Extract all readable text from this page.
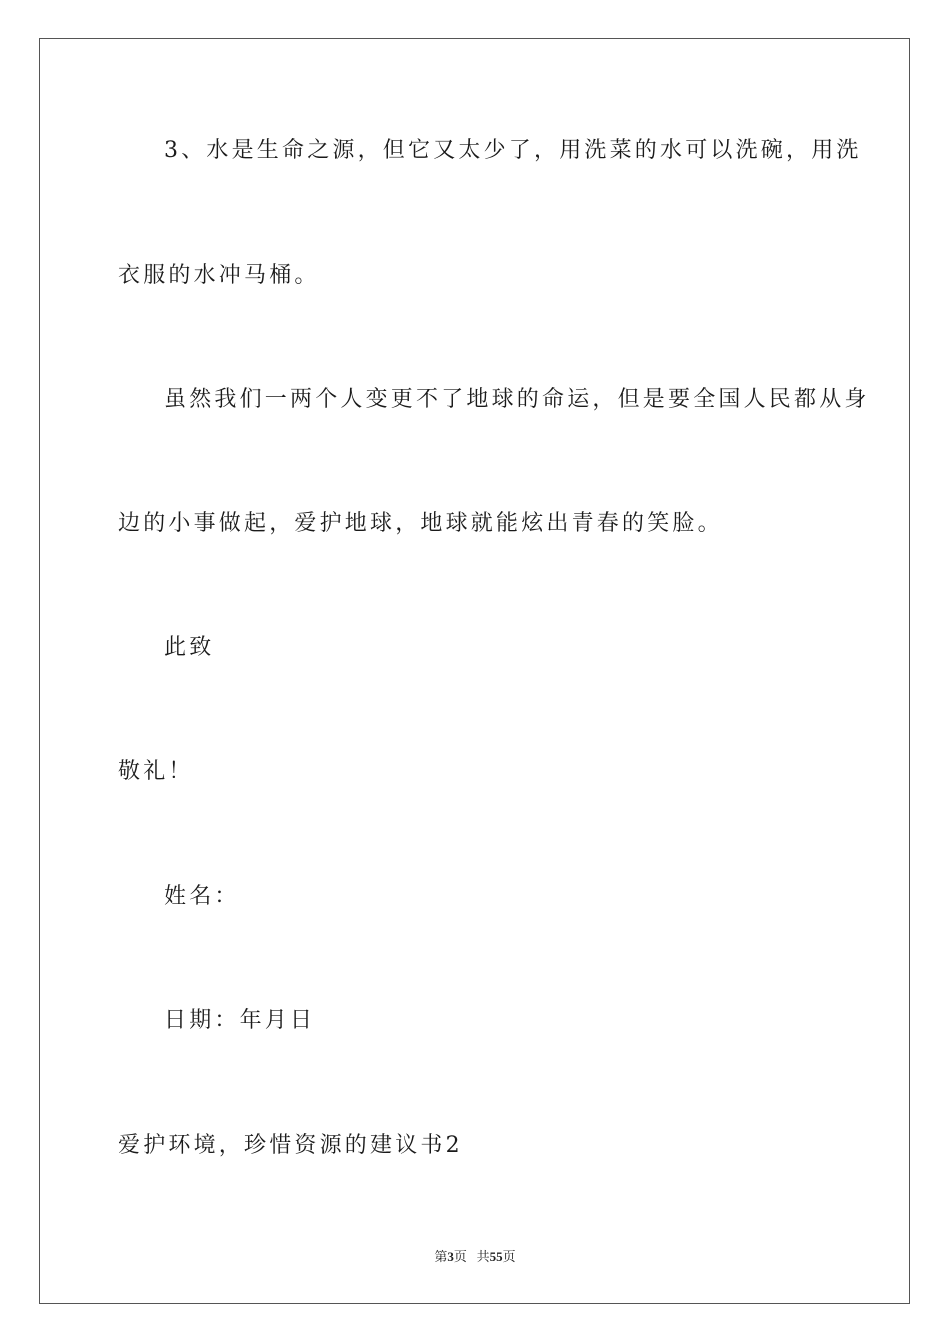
3、水是生命之源，但它又太少了，用洗菜的水可以洗碗，用洗
衣服的水冲马桶。
虽然我们一两个人变更不了地球的命运，但是要全国人民都从身
边的小事做起，爱护地球，地球就能炫出青春的笑脸。
此致
敬礼！
姓名：
日期：年月日
爱护环境，珍惜资源的建议书2
第3页 共55页
